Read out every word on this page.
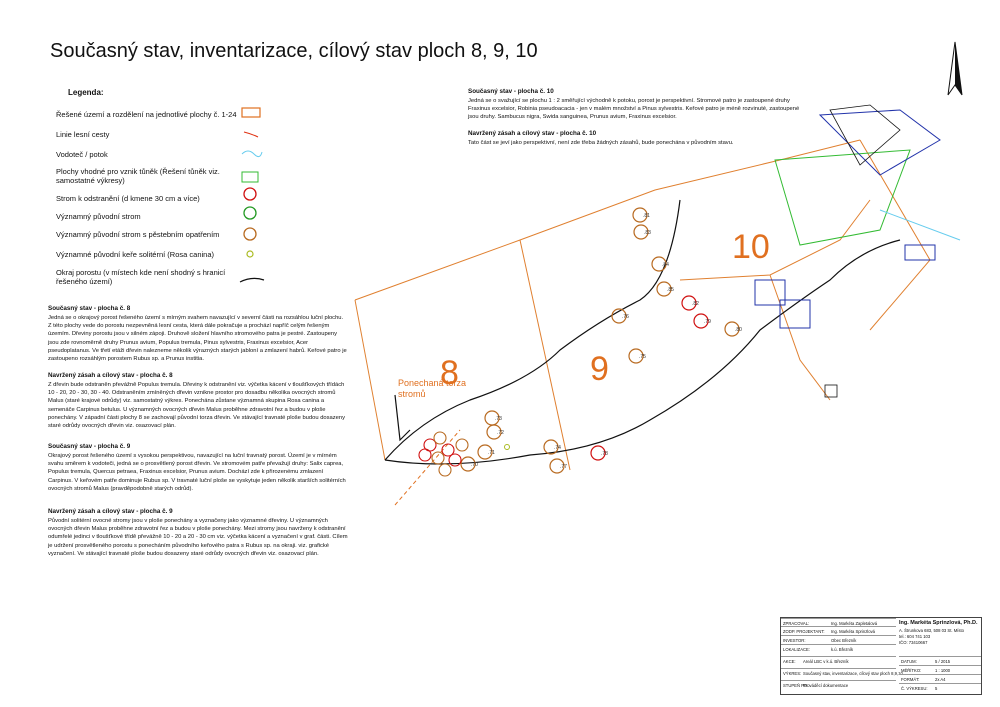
Současný stav, inventarizace, cílový stav ploch 8, 9, 10
Legenda:
Řešené území a rozdělení na jednotlivé plochy č. 1-24
Linie lesní cesty
Vodoteč / potok
Plochy vhodné pro vznik tůněk (Řešení tůněk viz. samostatné výkresy)
Strom k odstranění (d kmene 30 cm a více)
Významný původní strom
Významný původní strom s pěstebním opatřením
Významné původní keře solitérní (Rosa canina)
Okraj porostu (v místech kde není shodný s hranicí řešeného území)
Současný stav - plocha č. 8
Jedná se o okrajový porost řešeného území s mírným svahem navazující v severní části na rozsáhlou luční plochu. Z této plochy vede do porostu nezpevněná lesní cesta, která dále pokračuje a prochází napříč celým řešeným územím. Dřeviny porostu jsou v silném zápoji. Druhově složení hlavního stromového patra je pestré. Zastoupeny jsou zde rovnoměrně druhy Prunus avium, Populus tremula, Pinus sylvestris, Fraxinus excelsior, Acer pseudoplatanus. Ve třetí etáži dřevin nalezneme několik výrazných starých jabloní a zmlazení habrů. Keřové patro je zastoupeno rozsáhlým porostem Rubus sp. a Prunus institia.
Navržený zásah a cílový stav - plocha č. 8
Z dřevin bude odstraněn převážně Populus tremula. Dřeviny k odstranění viz. výčetka kácení v tloušťkových třídách 10 - 20, 20 - 30, 30 - 40. Odstraněním zmíněných dřevin vznikne prostor pro dosadbu několika ovocných stromů Malus (staré krajové odrůdy) viz. samostatný výkres. Ponechána zůstane významná skupina Rosa canina a semenáče Carpinus betulus. U významných ovocných dřevin Malus proběhne zdravotní řez a budou v ploše ponechány. V západní části plochy 8 se zachovají původní torza dřevin. Ve stávající travnaté ploše budou dosazeny staré odrůdy ovocných dřevin viz. osazovací plán.
Současný stav - plocha č. 9
Okrajový porost řešeného území s vysokou perspektivou, navazující na luční travnatý porost. Území je v mírném svahu směrem k vodoteči, jedná se o prosvětlený porost dřevin. Ve stromovém patře převažují druhy: Salix caprea, Populus tremula, Quercus petraea, Fraxinus excelsior, Prunus avium. Dochází zde k přirozenému zmlazení Carpinus. V keřovém patře dominuje Rubus sp. V travnaté luční ploše se vyskytuje jeden několik starších solitérních ovocných stromů Malus (pravděpodobně starých odrůd).
Navržený zásah a cílový stav - plocha č. 9
Původní solitérní ovocné stromy jsou v ploše ponechány a vyznačeny jako významné dřeviny. U významných ovocných dřevin Malus proběhne zdravotní řez a budou v ploše ponechány. Mezi stromy jsou navrženy k odstranění odumřelé jedinci v tloušťkové třídě převážně 10 - 20 a 20 - 30 cm viz. výčetka kácení a vyznačení v graf. části. Cílem je udržení prosvětleného porostu s ponecháním původního keřového patra s Rubus sp. na okraji. viz. grafické vyznačení. Ve stávající travnaté ploše budou dosazeny staré odrůdy ovocných dřevin viz. osazovací plán.
Současný stav - plocha č. 10
Jedná se o svažující se plochu 1 : 2 směřující východně k potoku, porost je perspektivní. Stromové patro je zastoupené druhy Fraxinus excelsior, Robinia pseudoacacia - jen v malém množství a Pinus sylvestris. Keřové patro je méně rozvinuté, zastoupené jsou druhy. Sambucus nigra, Swida sanguinea, Prunus avium, Fraxinus excelsior.
Navržený zásah a cílový stav - plocha č. 10
Tato část se jeví jako perspektivní, není zde třeba žádných zásahů, bude ponechána v původním stavu.
.81
.83
.84
.85
.76
.75
.82
.79
.80
.73
.72
.74
.77
.78
.71
.70
8	9
10
Ponechaná torza stromů
ZPRACOVAL:	Ing. Markéta Zapletalová
ZODP. PROJEKTANT: Ing. Markéta Sprinzlová
INVESTOR:	Obec Březník
LOKALIZACE:	k.ú. Březník
AKCE: Areál LBC v k.ú. Březník
VÝKRES: Současný stav, inventarizace, cílový stav ploch 8,9,10
STUPEŇ PD:
Prováděcí dokumentace
DATUM:	5 / 2015
MĚŘÍTKO:	1 : 1000
FORMÁT:	2x A4
Č. VÝKRESU: 5
Ing. Markéta Sprinzlová, Ph.D.
A. Štrunkova 683, 508 03 St. Místo
tel.: 604 741 103
IČO: 73410667
